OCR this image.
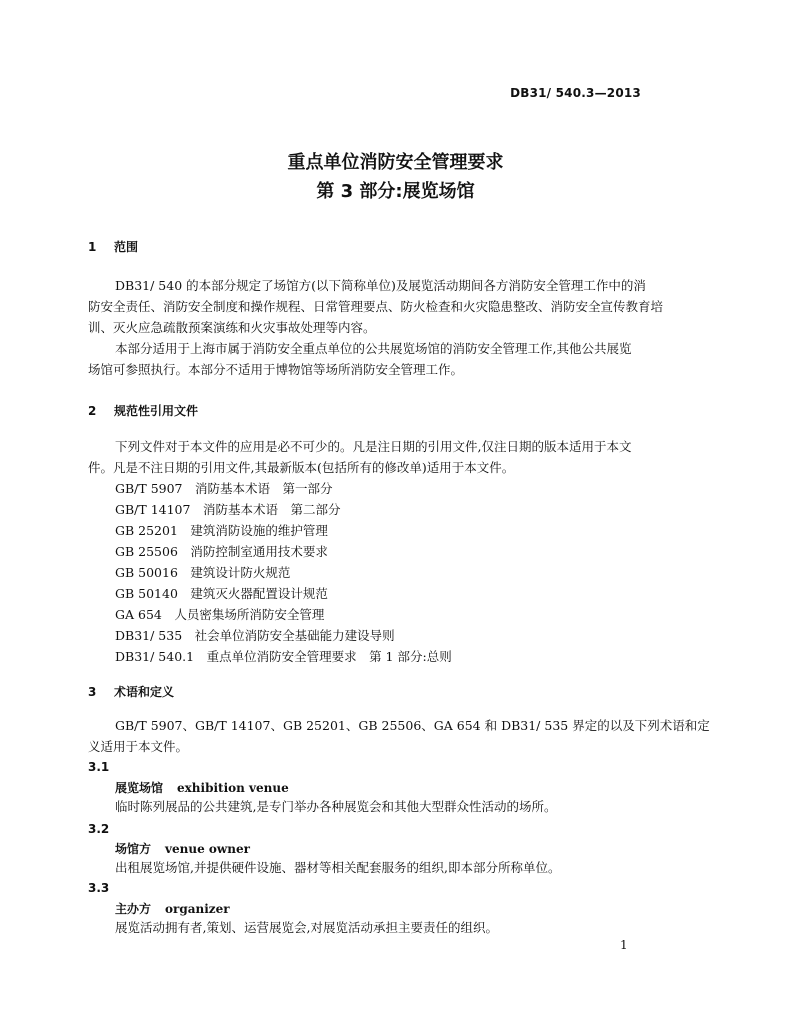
DB31/ 540.3—2013
重点单位消防安全管理要求
第 3 部分:展览场馆
1 范围
DB31/ 540 的本部分规定了场馆方(以下简称单位)及展览活动期间各方消防安全管理工作中的消
防安全责任、消防安全制度和操作规程、日常管理要点、防火检查和火灾隐患整改、消防安全宣传教育培
训、灭火应急疏散预案演练和火灾事故处理等内容。
本部分适用于上海市属于消防安全重点单位的公共展览场馆的消防安全管理工作,其他公共展览
场馆可参照执行。本部分不适用于博物馆等场所消防安全管理工作。
2 规范性引用文件
下列文件对于本文件的应用是必不可少的。凡是注日期的引用文件,仅注日期的版本适用于本文
件。凡是不注日期的引用文件,其最新版本(包括所有的修改单)适用于本文件。
GB/T 5907　消防基本术语　第一部分
GB/T 14107　消防基本术语　第二部分
GB 25201　建筑消防设施的维护管理
GB 25506　消防控制室通用技术要求
GB 50016　建筑设计防火规范
GB 50140　建筑灭火器配置设计规范
GA 654　人员密集场所消防安全管理
DB31/ 535　社会单位消防安全基础能力建设导则
DB31/ 540.1　重点单位消防安全管理要求　第 1 部分:总则
3 术语和定义
GB/T 5907、GB/T 14107、GB 25201、GB 25506、GA 654 和 DB31/ 535 界定的以及下列术语和定
义适用于本文件。
3.1
展览场馆 exhibition venue
临时陈列展品的公共建筑,是专门举办各种展览会和其他大型群众性活动的场所。
3.2
场馆方 venue owner
出租展览场馆,并提供硬件设施、器材等相关配套服务的组织,即本部分所称单位。
3.3
主办方 organizer
展览活动拥有者,策划、运营展览会,对展览活动承担主要责任的组织。
1
